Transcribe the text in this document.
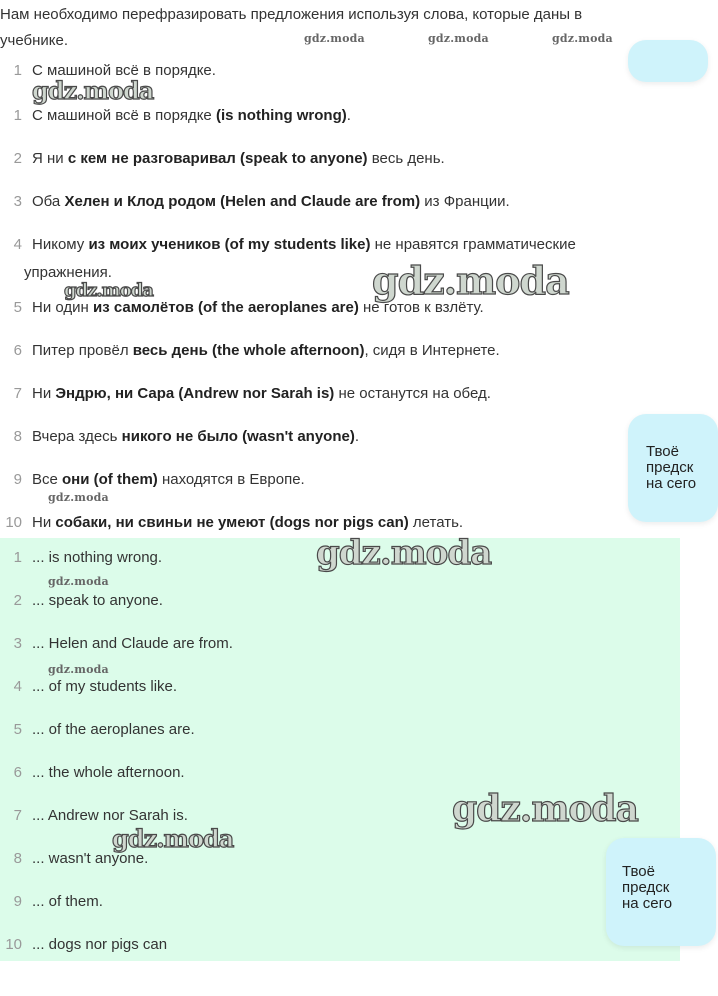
Нам необходимо перефразировать предложения используя слова, которые даны в учебнике.	gdz.moda	gdz.moda	gdz.moda
1 С машиной всё в порядке.
gdz.moda
1 С машиной всё в порядке (is nothing wrong).
2 Я ни с кем не разговаривал (speak to anyone) весь день.
3 Оба Хелен и Клод родом (Helen and Claude are from) из Франции.
4 Никому из моих учеников (of my students like) не нравятся грамматические
упражнения.
gdz.moda	gdz.moda
5 Ни один из самолётов (of the aeroplanes are) не готов к взлёту.
6 Питер провёл весь день (the whole afternoon), сидя в Интернете.
7 Ни Эндрю, ни Сара (Andrew nor Sarah is) не останутся на обед.
8 Вчера здесь никого не было (wasn't anyone).
Твоё
предск
на сего
9 Все они (of them) находятся в Европе.
gdz.moda
10 Ни собаки, ни свиньи не умеют (dogs nor pigs can) летать.
1 ... is nothing wrong.	gdz.moda
gdz.moda
2 ... speak to anyone.
3 ... Helen and Claude are from.
gdz.moda
4 ... of my students like.
5 ... of the aeroplanes are.
6 ... the whole afternoon.
gdz.moda
7 ... Andrew nor Sarah is.
gdz.moda
8 ... wasn't anyone.
9 ... of them.
10 ... dogs nor pigs can
Твоё
предск
на сего
